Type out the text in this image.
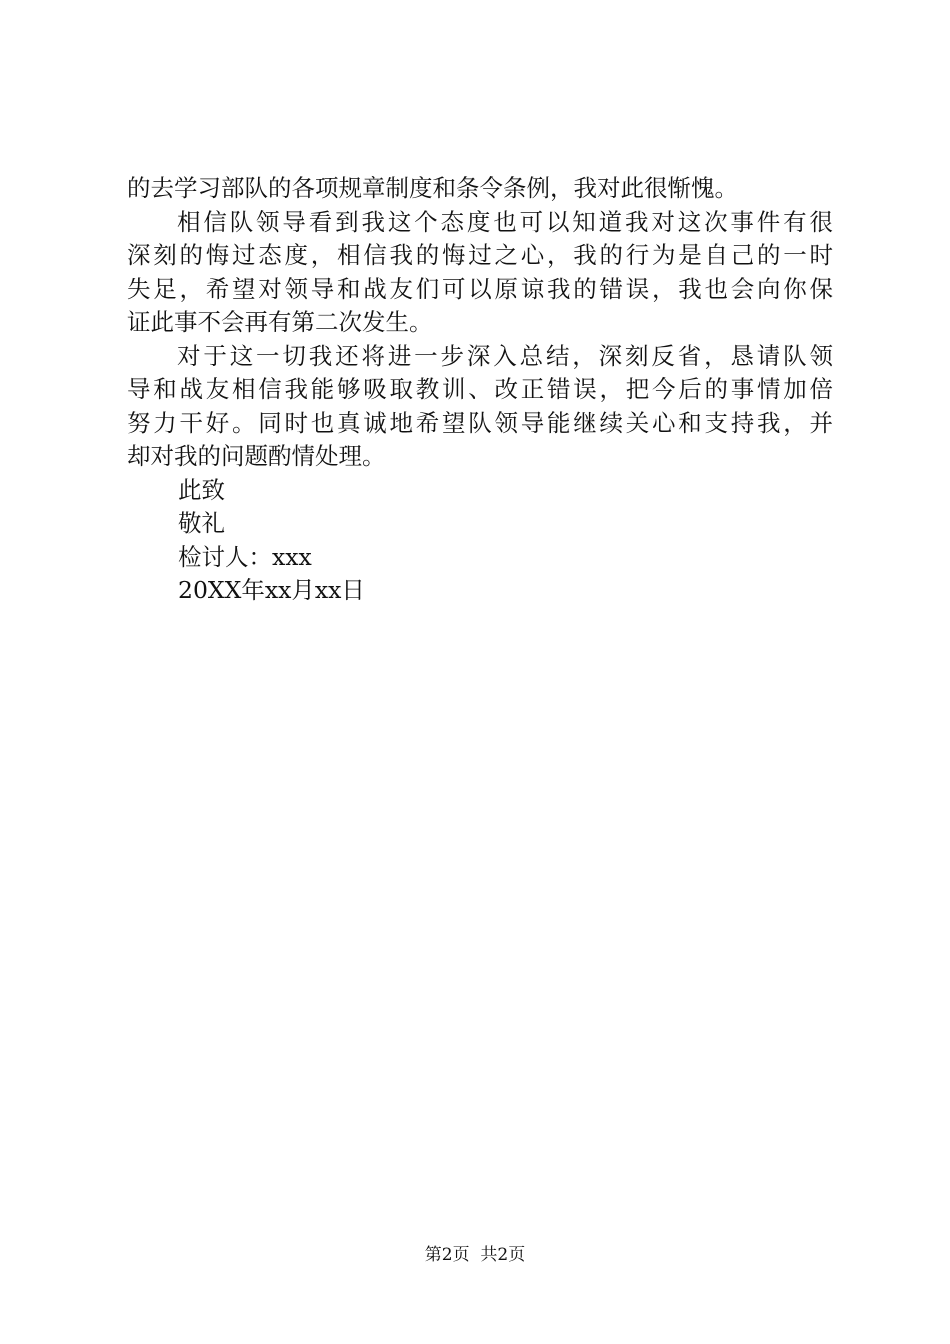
的去学习部队的各项规章制度和条令条例，我对此很惭愧。
相信队领导看到我这个态度也可以知道我对这次事件有很
深刻的悔过态度，相信我的悔过之心，我的行为是自己的一时
失足，希望对领导和战友们可以原谅我的错误，我也会向你保
证此事不会再有第二次发生。
对于这一切我还将进一步深入总结，深刻反省，恳请队领
导和战友相信我能够吸取教训、改正错误，把今后的事情加倍
努力干好。同时也真诚地希望队领导能继续关心和支持我，并
却对我的问题酌情处理。
此致
敬礼
检讨人：xxx
20XX年xx月xx日
第2页  共2页
